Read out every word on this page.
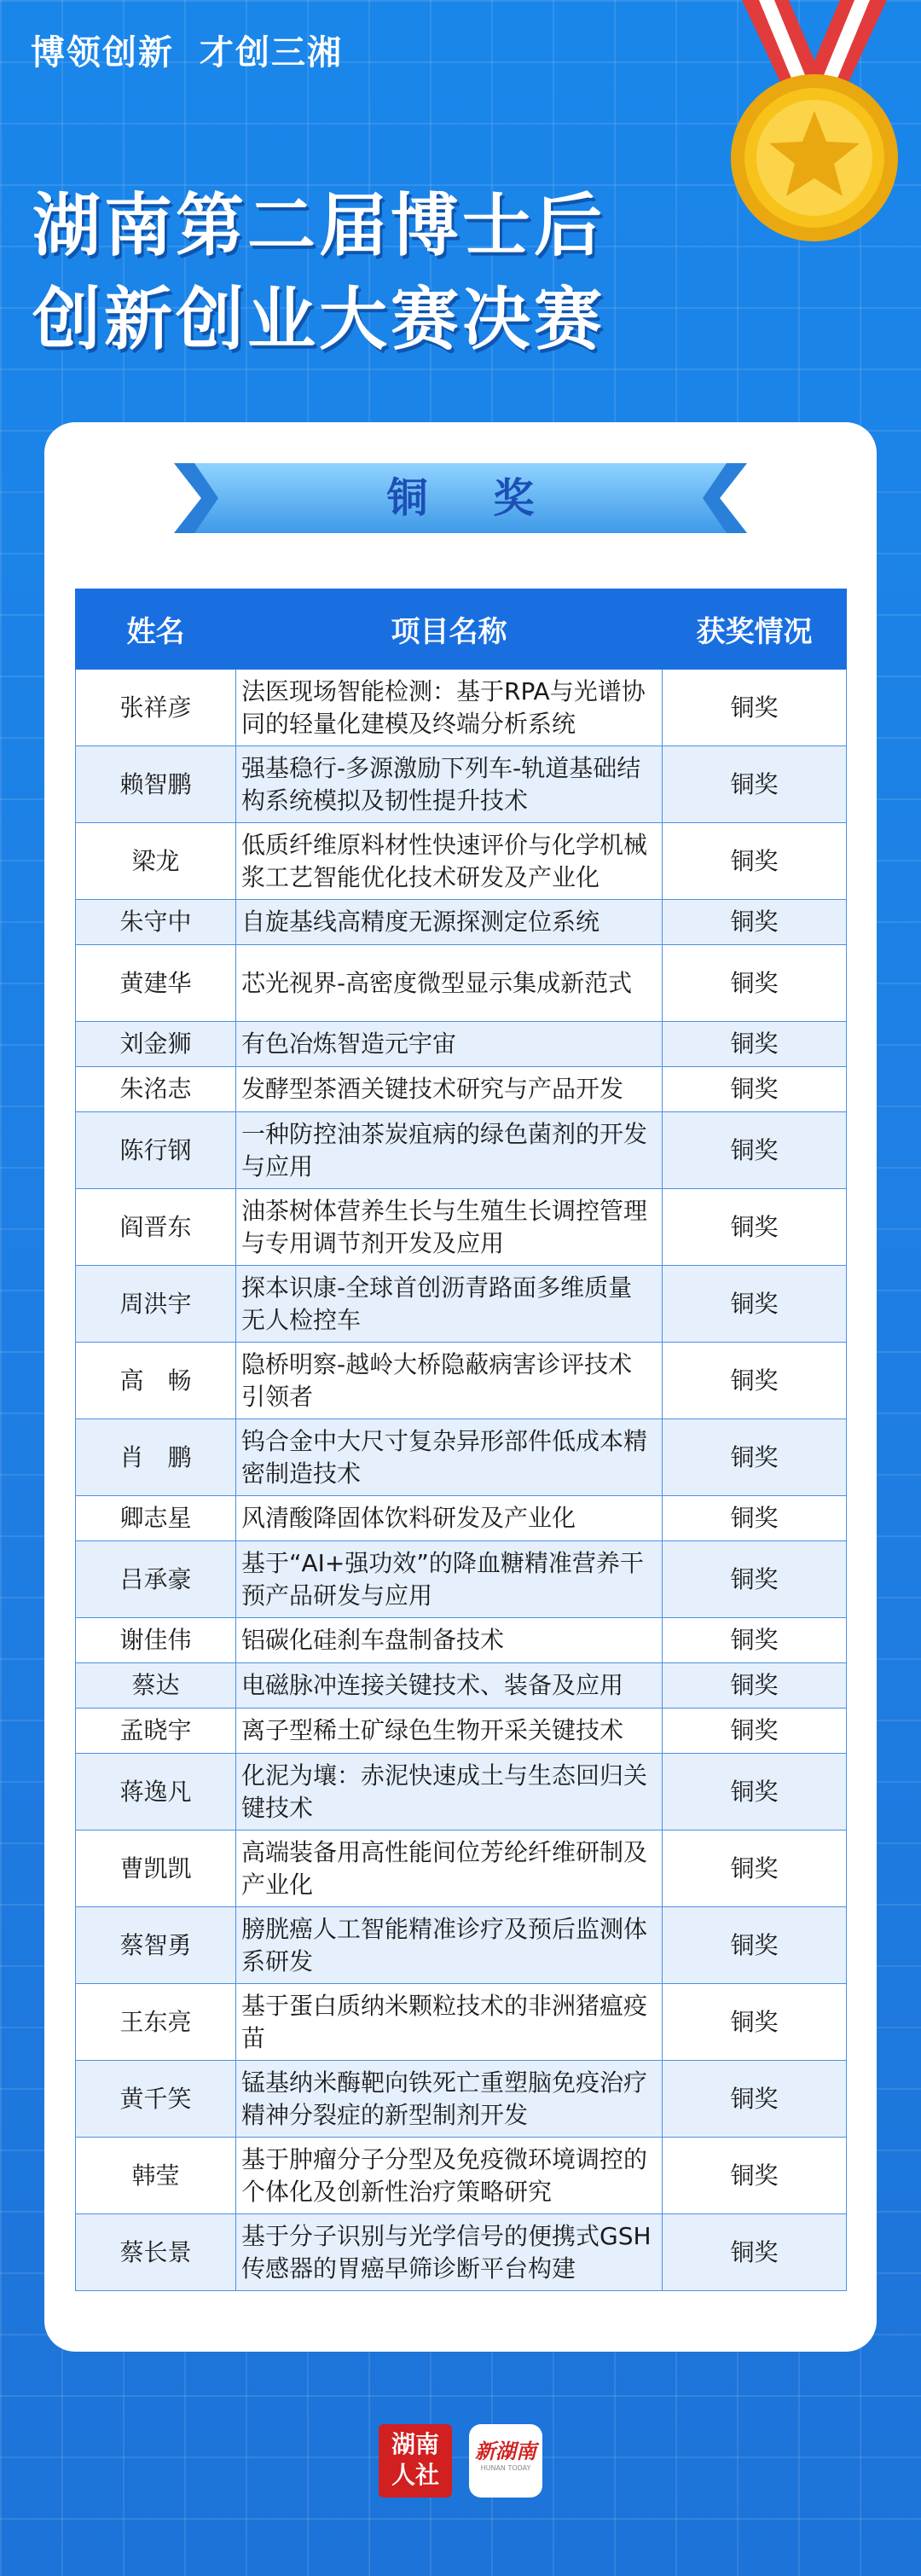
博领创新 才创三湘
湖南第二届博士后
创新创业大赛决赛
铜 奖
姓名	项目名称	获奖情况
张祥彦	法医现场智能检测：基于RPA与光谱协同的轻量化建模及终端分析系统	铜奖
赖智鹏	强基稳行-多源激励下列车-轨道基础结构系统模拟及韧性提升技术	铜奖
梁龙	低质纤维原料材性快速评价与化学机械浆工艺智能优化技术研发及产业化	铜奖
朱守中	自旋基线高精度无源探测定位系统	铜奖
黄建华	芯光视界-高密度微型显示集成新范式	铜奖
刘金狮	有色冶炼智造元宇宙	铜奖
朱洺志	发酵型茶酒关键技术研究与产品开发	铜奖
陈行钢	一种防控油茶炭疽病的绿色菌剂的开发与应用	铜奖
阎晋东	油茶树体营养生长与生殖生长调控管理与专用调节剂开发及应用	铜奖
周洪宇	探本识康-全球首创沥青路面多维质量无人检控车	铜奖
高　畅	隐桥明察-越岭大桥隐蔽病害诊评技术引领者	铜奖
肖　鹏	钨合金中大尺寸复杂异形部件低成本精密制造技术	铜奖
卿志星	风清酸降固体饮料研发及产业化	铜奖
吕承豪	基于“AI+强功效”的降血糖精准营养干预产品研发与应用	铜奖
谢佳伟	铝碳化硅刹车盘制备技术	铜奖
蔡达	电磁脉冲连接关键技术、装备及应用	铜奖
孟晓宇	离子型稀土矿绿色生物开采关键技术	铜奖
蒋逸凡	化泥为壤：赤泥快速成土与生态回归关键技术	铜奖
曹凯凯	高端装备用高性能间位芳纶纤维研制及产业化	铜奖
蔡智勇	膀胱癌人工智能精准诊疗及预后监测体系研发	铜奖
王东亮	基于蛋白质纳米颗粒技术的非洲猪瘟疫苗	铜奖
黄千笑	锰基纳米酶靶向铁死亡重塑脑免疫治疗精神分裂症的新型制剂开发	铜奖
韩莹	基于肿瘤分子分型及免疫微环境调控的个体化及创新性治疗策略研究	铜奖
蔡长景	基于分子识别与光学信号的便携式GSH传感器的胃癌早筛诊断平台构建	铜奖
湖南
人社
新湖南
HUNAN TODAY
